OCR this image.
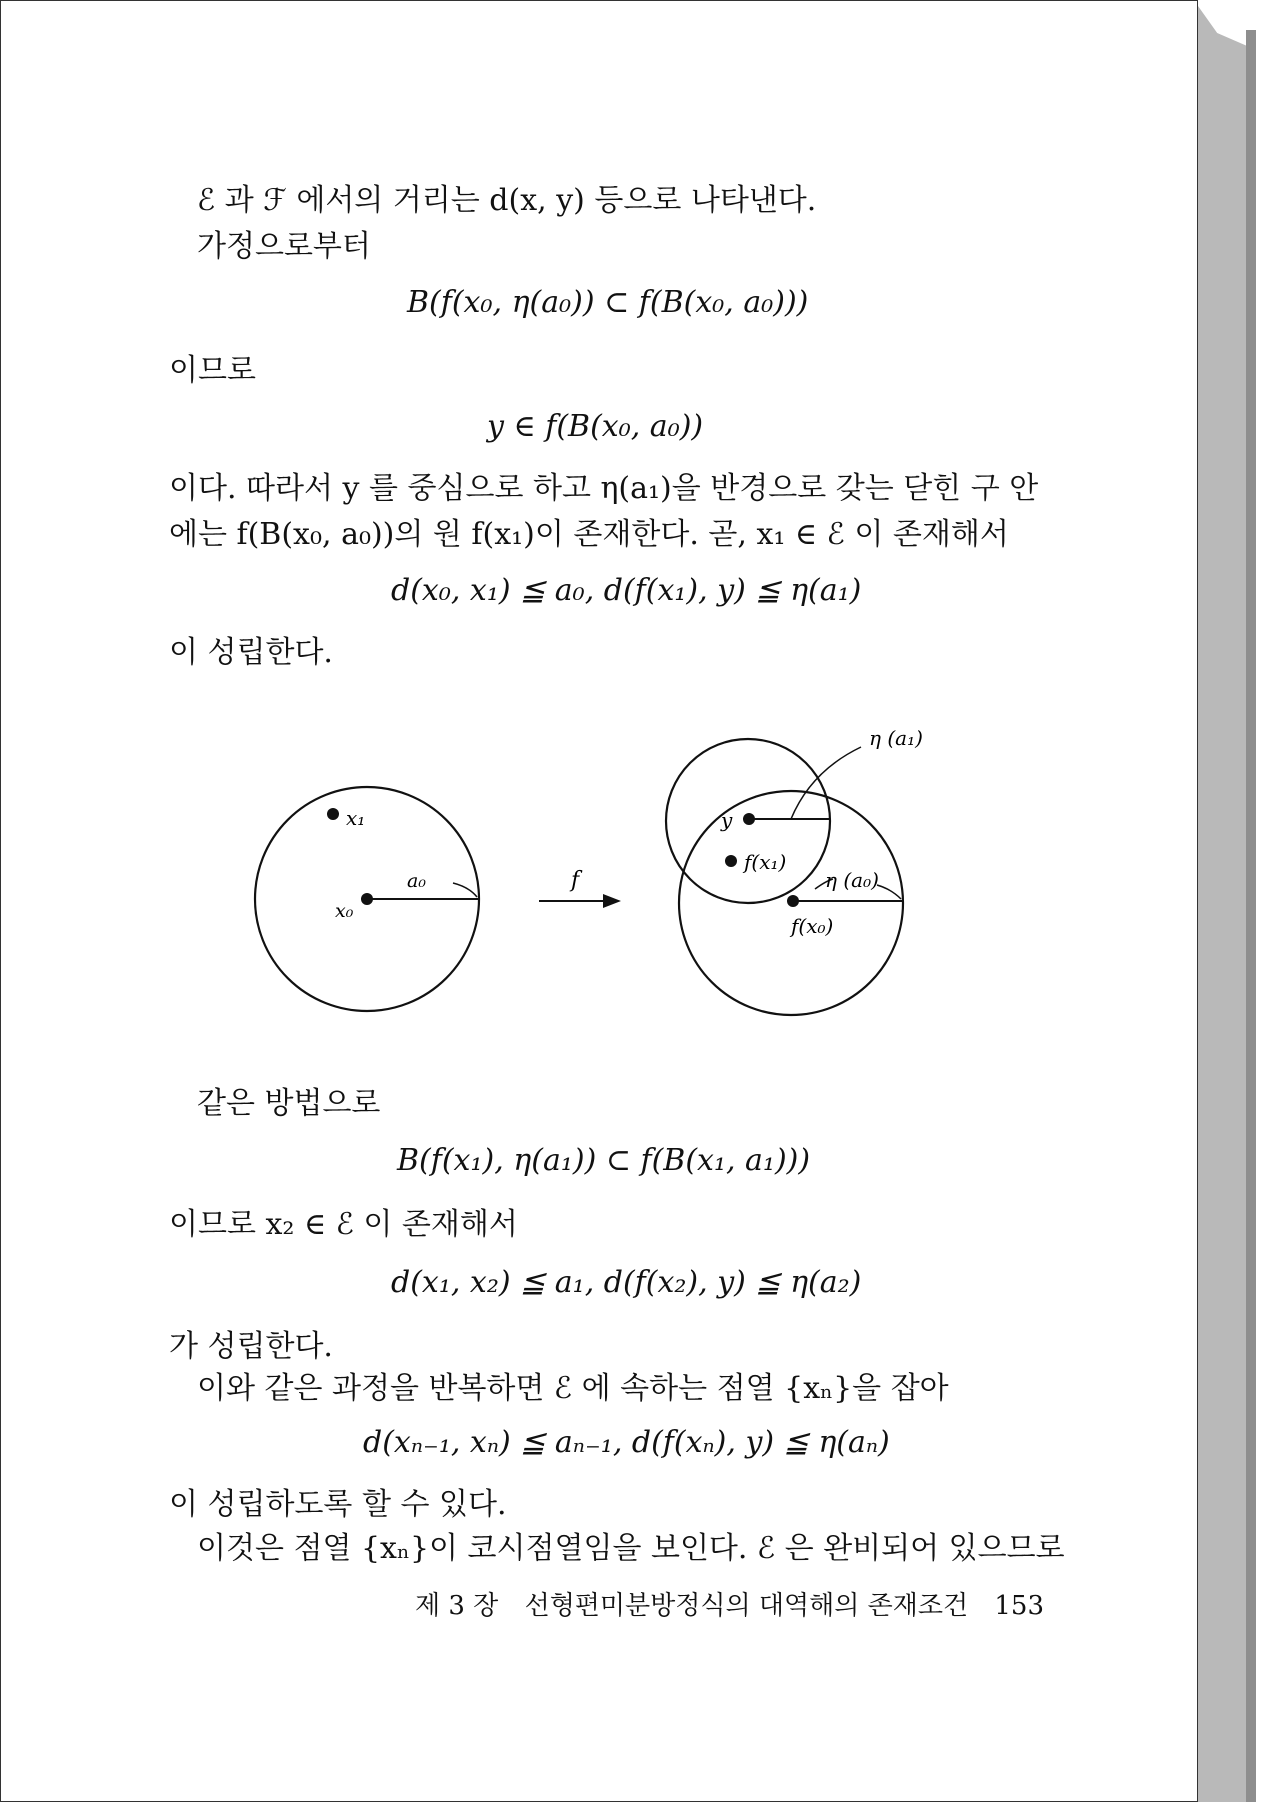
ℰ 과 ℱ 에서의 거리는 d(x, y) 등으로 나타낸다.
가정으로부터
B(f(x₀, η(a₀)) ⊂ f(B(x₀, a₀)))
이므로
y ∈ f(B(x₀, a₀))
이다. 따라서 y 를 중심으로 하고 η(a₁)을 반경으로 갖는 닫힌 구 안
에는 f(B(x₀, a₀))의 원 f(x₁)이 존재한다. 곧, x₁ ∈ ℰ 이 존재해서
d(x₀, x₁) ≦ a₀, d(f(x₁), y) ≦ η(a₁)
이 성립한다.
x₁
a₀
x₀
f
y
f(x₁)
η (a₁)
η (a₀)
f(x₀)
같은 방법으로
B(f(x₁), η(a₁)) ⊂ f(B(x₁, a₁)))
이므로 x₂ ∈ ℰ 이 존재해서
d(x₁, x₂) ≦ a₁, d(f(x₂), y) ≦ η(a₂)
가 성립한다.
이와 같은 과정을 반복하면 ℰ 에 속하는 점열 {xₙ}을 잡아
d(xₙ₋₁, xₙ) ≦ aₙ₋₁, d(f(xₙ), y) ≦ η(aₙ)
이 성립하도록 할 수 있다.
이것은 점열 {xₙ}이 코시점열임을 보인다. ℰ 은 완비되어 있으므로
제 3 장 선형편미분방정식의 대역해의 존재조건 153
